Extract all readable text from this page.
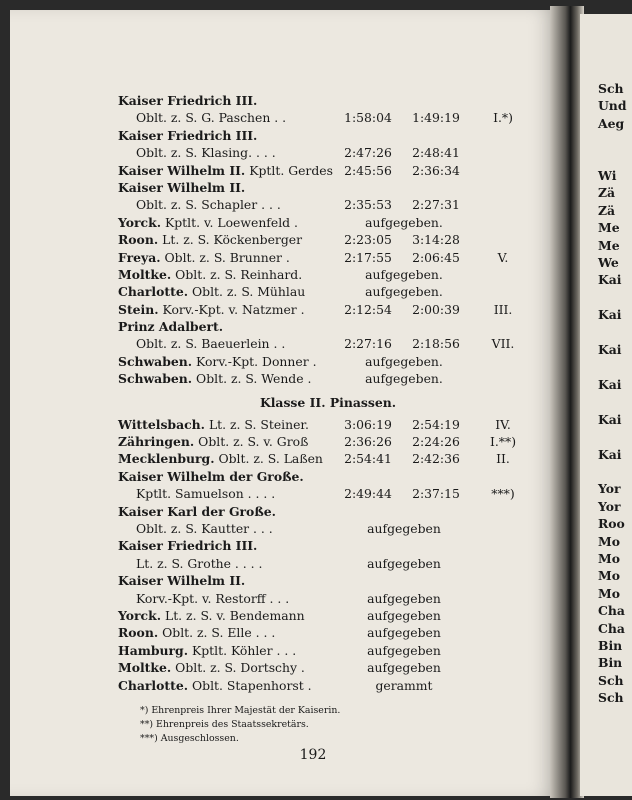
Kaiser Friedrich III.
Oblt. z. S. G. Paschen . .	1:58:04	1:49:19	I.*)
Kaiser Friedrich III.
Oblt. z. S. Klasing. . . .	2:47:26	2:48:41
Kaiser Wilhelm II. Kptlt. Gerdes 2:45:56	2:36:34
Kaiser Wilhelm II.
Oblt. z. S. Schapler . . .	2:35:53	2:27:31
Yorck. Kptlt. v. Loewenfeld .	aufgegeben.
Roon. Lt. z. S. Köckenberger	2:23:05	3:14:28
Freya. Oblt. z. S. Brunner .	2:17:55	2:06:45	V.
Moltke. Oblt. z. S. Reinhard.	aufgegeben.
Charlotte. Oblt. z. S. Mühlau	aufgegeben.
Stein. Korv.-Kpt. v. Natzmer .	2:12:54	2:00:39	III.
Prinz Adalbert.
Oblt. z. S. Baeuerlein . .	2:27:16	2:18:56	VII.
Schwaben. Korv.-Kpt. Donner .	aufgegeben.
Schwaben. Oblt. z. S. Wende .	aufgegeben.
Klasse II. Pinassen.
Wittelsbach. Lt. z. S. Steiner.	3:06:19	2:54:19	IV.
Zähringen. Oblt. z. S. v. Groß	2:36:26	2:24:26	I.**)
Mecklenburg. Oblt. z. S. Laßen	2:54:41	2:42:36	II.
Kaiser Wilhelm der Große.
Kptlt. Samuelson . . . .	2:49:44	2:37:15	***)
Kaiser Karl der Große.
Oblt. z. S. Kautter . . .	aufgegeben
Kaiser Friedrich III.
Lt. z. S. Grothe . . . .	aufgegeben
Kaiser Wilhelm II.
Korv.-Kpt. v. Restorff . . .	aufgegeben
Yorck. Lt. z. S. v. Bendemann	aufgegeben
Roon. Oblt. z. S. Elle . . .	aufgegeben
Hamburg. Kptlt. Köhler . . .	aufgegeben
Moltke. Oblt. z. S. Dortschy .	aufgegeben
Charlotte. Oblt. Stapenhorst .	gerammt
*) Ehrenpreis Ihrer Majestät der Kaiserin.
**) Ehrenpreis des Staatssekretärs.
***) Ausgeschlossen.
192
Sch
Und
Aeg

Wi
Zä
Zä
Me
Me
We
Kai

Kai

Kai

Kai

Kai

Kai

Yor
Yor
Roo
Mo
Mo
Mo
Mo
Cha
Cha
Bin
Bin
Sch
Sch
